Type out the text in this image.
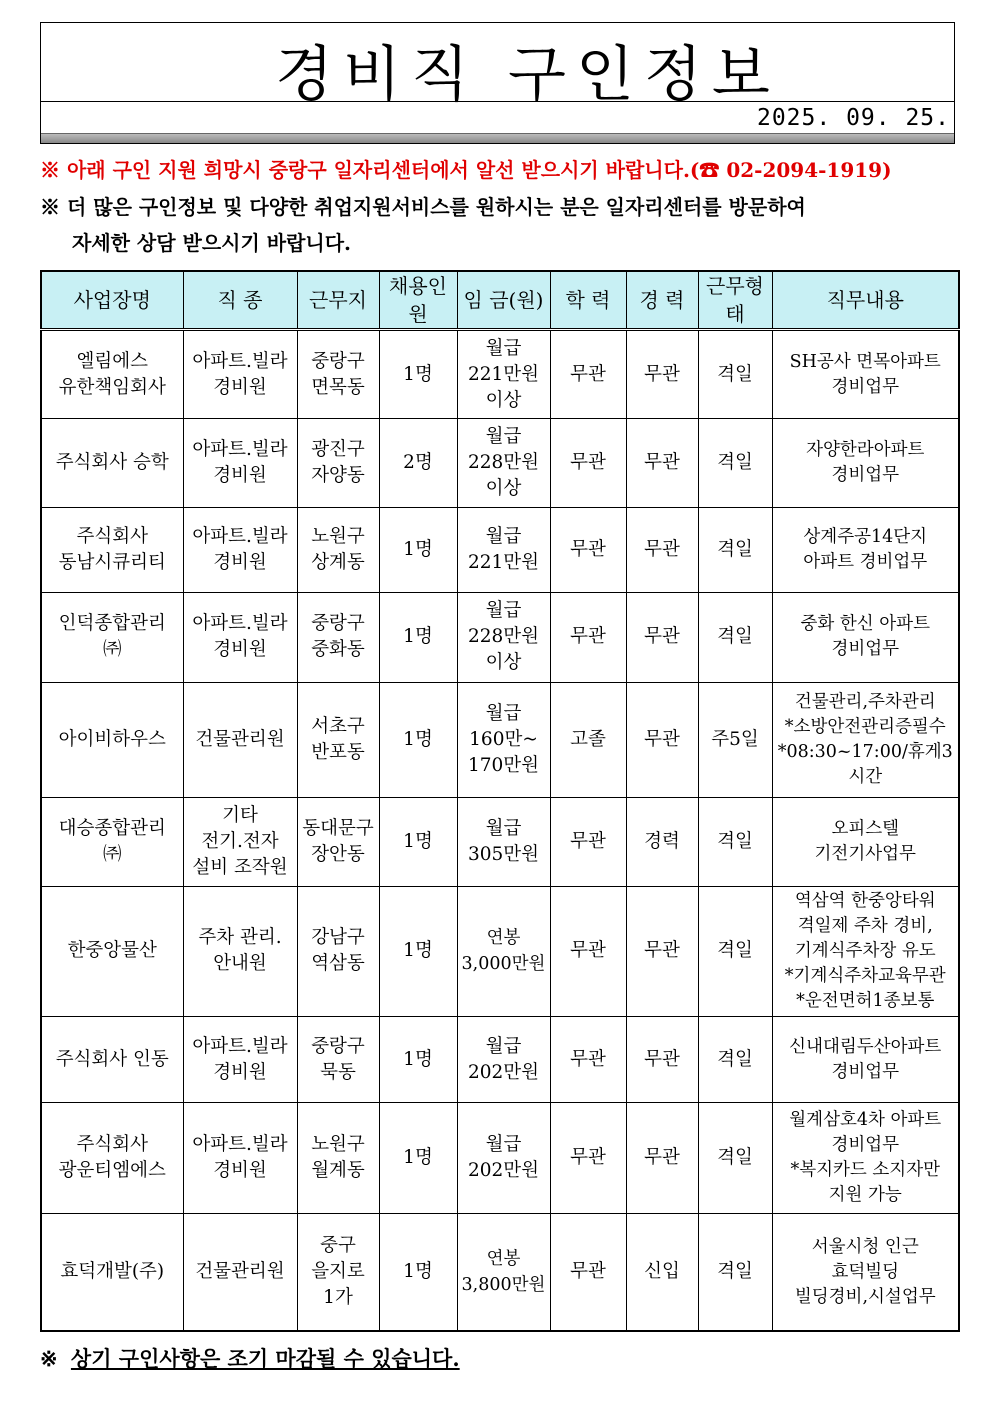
경비직 구인정보
2025. 09. 25.
※ 아래 구인 지원 희망시 중랑구 일자리센터에서 알선 받으시기 바랍니다.(☎ 02-2094-1919)
※ 더 많은 구인정보 및 다양한 취업지원서비스를 원하시는 분은 일자리센터를 방문하여
자세한 상담 받으시기 바랍니다.
사업장명	직 종	근무지	채용인원	임 금(원)	학 력	경 력	근무형태	직무내용

엘림에스
유한책임회사	아파트.빌라
경비원	중랑구
면목동	1명	월급
221만원
이상	무관	무관	격일	SH공사 면목아파트
경비업무

주식회사 승학	아파트.빌라
경비원	광진구
자양동	2명	월급
228만원
이상	무관	무관	격일	자양한라아파트
경비업무

주식회사
동남시큐리티	아파트.빌라
경비원	노원구
상계동	1명	월급
221만원	무관	무관	격일	상계주공14단지
아파트 경비업무

인덕종합관리
㈜	아파트.빌라
경비원	중랑구
중화동	1명	월급
228만원
이상	무관	무관	격일	중화 한신 아파트
경비업무

아이비하우스	건물관리원	서초구
반포동	1명	월급
160만~
170만원	고졸	무관	주5일	건물관리,주차관리
*소방안전관리증필수
*08:30~17:00/휴게3
시간

대승종합관리
㈜	기타
전기.전자
설비 조작원	동대문구
장안동	1명	월급
305만원	무관	경력	격일	오피스텔
기전기사업무

한중앙물산	주차 관리.
안내원	강남구
역삼동	1명	연봉
3,000만원	무관	무관	격일	역삼역 한중앙타워
격일제 주차 경비,
기계식주차장 유도
*기계식주차교육무관
*운전면허1종보통

주식회사 인동	아파트.빌라
경비원	중랑구
묵동	1명	월급
202만원	무관	무관	격일	신내대림두산아파트
경비업무

주식회사
광운티엠에스	아파트.빌라
경비원	노원구
월계동	1명	월급
202만원	무관	무관	격일	월계삼호4차 아파트
경비업무
*복지카드 소지자만
지원 가능

효덕개발(주)	건물관리원	중구
을지로
1가	1명	연봉
3,800만원	무관	신입	격일	서울시청 인근
효덕빌딩
빌딩경비,시설업무
※ 상기 구인사항은 조기 마감될 수 있습니다.
